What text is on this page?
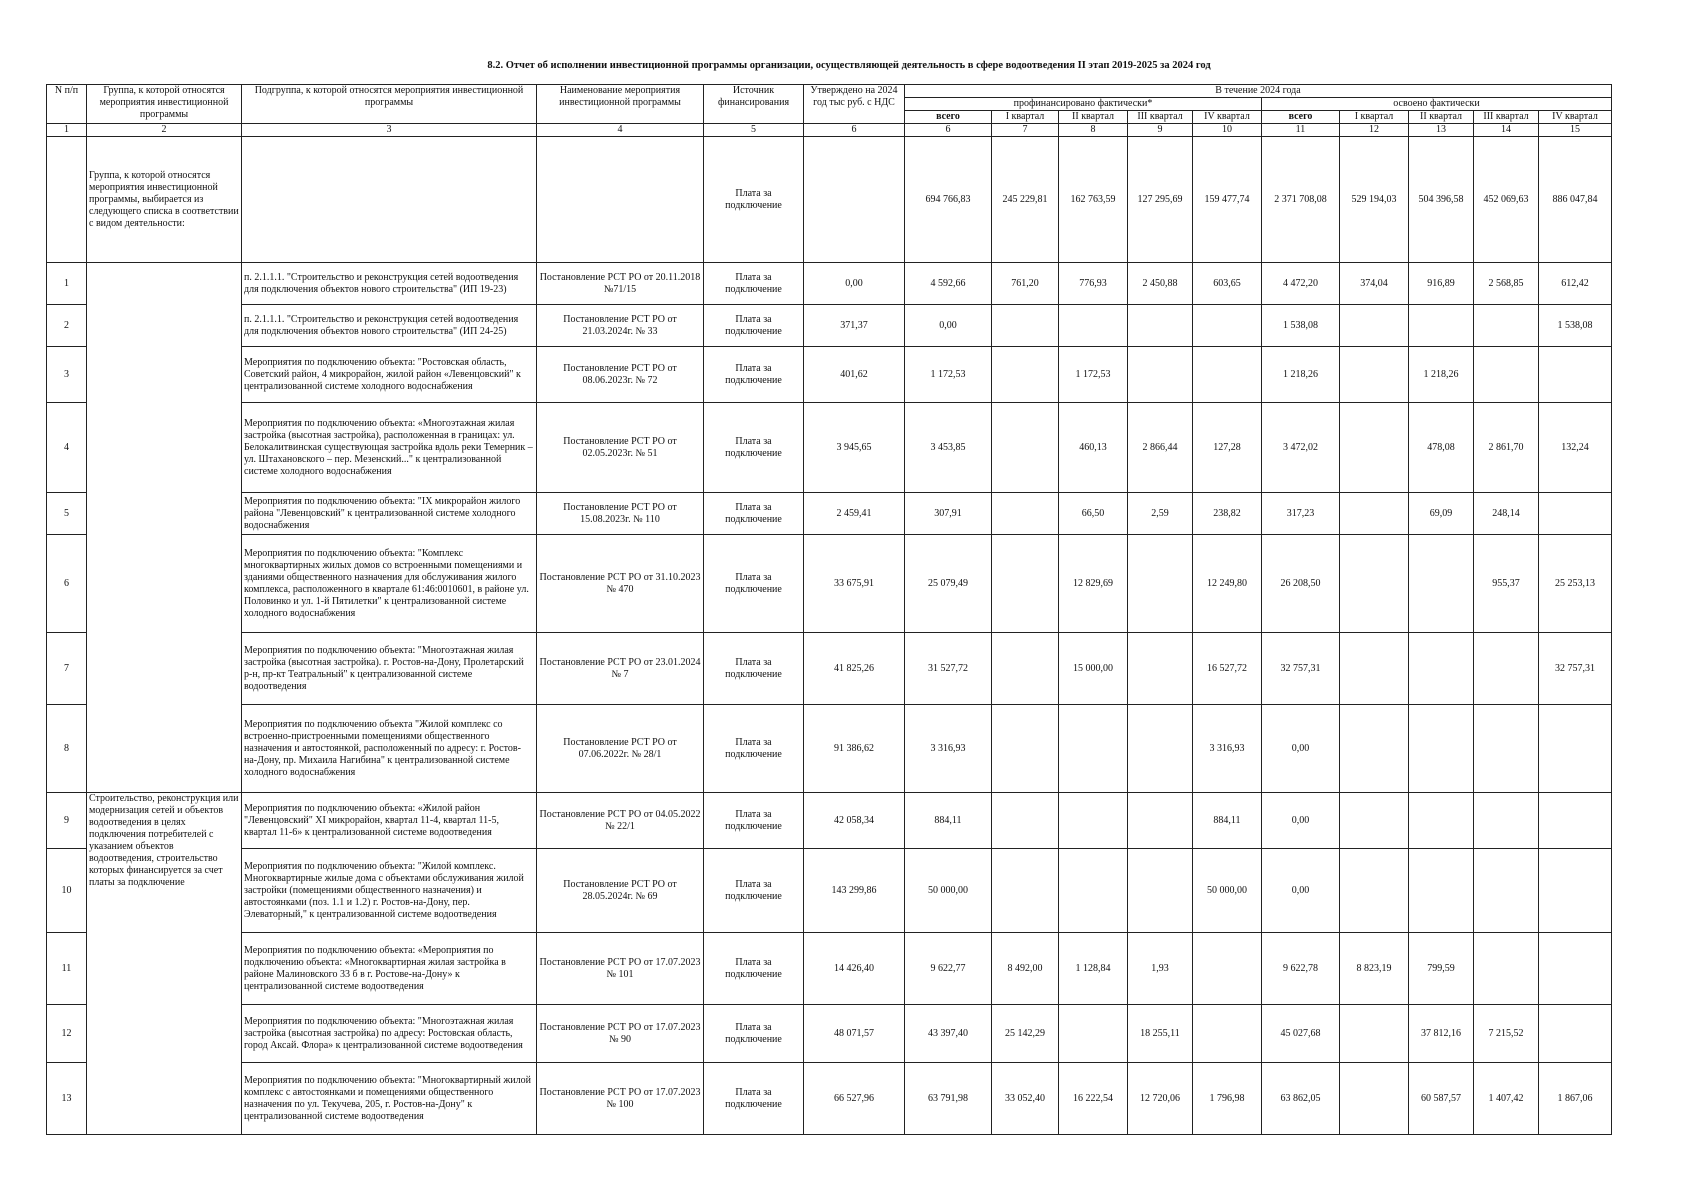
8.2. Отчет об исполнении инвестиционной программы организации, осуществляющей деятельность в сфере водоотведения II этап 2019-2025 за 2024 год
N п/п	Группа, к которой относятся мероприятия инвестиционной программы	Подгруппа, к которой относятся мероприятия инвестиционной программы	Наименование мероприятия инвестиционной программы	Источник финансирования	Утверждено на 2024 год тыс руб. с НДС	В течение 2024 года									
						профинансировано фактически*					освоено фактически				
						всего	I квартал	II квартал	III квартал	IV квартал	всего	I квартал	II квартал	III квартал	IV квартал
1	2	3	4	5	6	6	7	8	9	10	11	12	13	14	15
	Группа, к которой относятся мероприятия инвестиционной программы, выбирается из следующего списка в соответствии с видом деятельности:			Плата за подключение		694 766,83	245 229,81	162 763,59	127 295,69	159 477,74	2 371 708,08	529 194,03	504 396,58	452 069,63	886 047,84
1		п. 2.1.1.1. "Строительство и реконструкция сетей водоотведения для подключения объектов нового строительства" (ИП 19-23)	Постановление РСТ РО от 20.11.2018 №71/15	Плата за подключение	0,00	4 592,66	761,20	776,93	2 450,88	603,65	4 472,20	374,04	916,89	2 568,85	612,42
2		п. 2.1.1.1. "Строительство и реконструкция сетей водоотведения для подключения объектов нового строительства" (ИП 24-25)	Постановление РСТ РО от 21.03.2024г. № 33	Плата за подключение	371,37	0,00					1 538,08				1 538,08
3		Мероприятия по подключению объекта: "Ростовская область, Советский район, 4 микрорайон, жилой район «Левенцовский" к централизованной системе холодного водоснабжения	Постановление РСТ РО от 08.06.2023г. № 72	Плата за подключение	401,62	1 172,53		1 172,53			1 218,26		1 218,26		
4		Мероприятия по подключению объекта: «Многоэтажная жилая застройка (высотная застройка), расположенная в границах: ул. Белокалитвинская существующая застройка вдоль реки Темерник – ул. Штахановского – пер. Мезенский..." к централизованной системе холодного водоснабжения	Постановление РСТ РО от 02.05.2023г. № 51	Плата за подключение	3 945,65	3 453,85		460,13	2 866,44	127,28	3 472,02		478,08	2 861,70	132,24
5		Мероприятия по подключению объекта: "IX микрорайон жилого района "Левенцовский" к централизованной системе холодного водоснабжения	Постановление РСТ РО от 15.08.2023г. № 110	Плата за подключение	2 459,41	307,91		66,50	2,59	238,82	317,23		69,09	248,14	
6		Мероприятия по подключению объекта: "Комплекс многоквартирных жилых домов со встроенными помещениями и зданиями общественного назначения для обслуживания жилого комплекса, расположенного в квартале 61:46:0010601, в районе ул. Половинко и ул. 1-й Пятилетки" к централизованной системе холодного водоснабжения	Постановление РСТ РО от 31.10.2023 № 470	Плата за подключение	33 675,91	25 079,49		12 829,69		12 249,80	26 208,50			955,37	25 253,13
7		Мероприятия по подключению объекта: "Многоэтажная жилая застройка (высотная застройка). г. Ростов-на-Дону, Пролетарский р-н, пр-кт Театральный" к централизованной системе водоотведения	Постановление РСТ РО от 23.01.2024 № 7	Плата за подключение	41 825,26	31 527,72		15 000,00		16 527,72	32 757,31				32 757,31
8		Мероприятия по подключению объекта "Жилой комплекс со встроенно-пристроенными помещениями общественного назначения и автостоянкой, расположенный по адресу: г. Ростов-на-Дону, пр. Михаила Нагибина" к централизованной системе холодного водоснабжения	Постановление РСТ РО от 07.06.2022г. № 28/1	Плата за подключение	91 386,62	3 316,93				3 316,93	0,00				
9	Строительство, реконструкция или модернизация сетей и объектов водоотведения в целях подключения потребителей с указанием объектов водоотведения, строительство которых финансируется за счет платы за подключение	Мероприятия по подключению объекта: «Жилой район "Левенцовский" XI микрорайон, квартал 11-4, квартал 11-5, квартал 11-6» к централизованной системе водоотведения	Постановление РСТ РО от 04.05.2022 № 22/1	Плата за подключение	42 058,34	884,11				884,11	0,00				
10		Мероприятия по подключению объекта: "Жилой комплекс. Многоквартирные жилые дома с объектами обслуживания жилой застройки (помещениями общественного назначения) и автостоянками (поз. 1.1 и 1.2) г. Ростов-на-Дону, пер. Элеваторный," к централизованной системе водоотведения	Постановление РСТ РО от 28.05.2024г. № 69	Плата за подключение	143 299,86	50 000,00				50 000,00	0,00				
11		Мероприятия по подключению объекта: «Мероприятия по подключению объекта: «Многоквартирная жилая застройка в районе Малиновского 33 б в г. Ростове-на-Дону» к централизованной системе водоотведения	Постановление РСТ РО от 17.07.2023 № 101	Плата за подключение	14 426,40	9 622,77	8 492,00	1 128,84	1,93		9 622,78	8 823,19	799,59		
12		Мероприятия по подключению объекта: "Многоэтажная жилая застройка (высотная застройка) по адресу: Ростовская область, город Аксай. Флора» к централизованной системе водоотведения	Постановление РСТ РО от 17.07.2023 № 90	Плата за подключение	48 071,57	43 397,40	25 142,29		18 255,11		45 027,68		37 812,16	7 215,52	
13		Мероприятия по подключению объекта: "Многоквартирный жилой комплекс с автостоянками и помещениями общественного назначения по ул. Текучева, 205, г. Ростов-на-Дону" к централизованной системе водоотведения	Постановление РСТ РО от 17.07.2023 № 100	Плата за подключение	66 527,96	63 791,98	33 052,40	16 222,54	12 720,06	1 796,98	63 862,05		60 587,57	1 407,42	1 867,06
